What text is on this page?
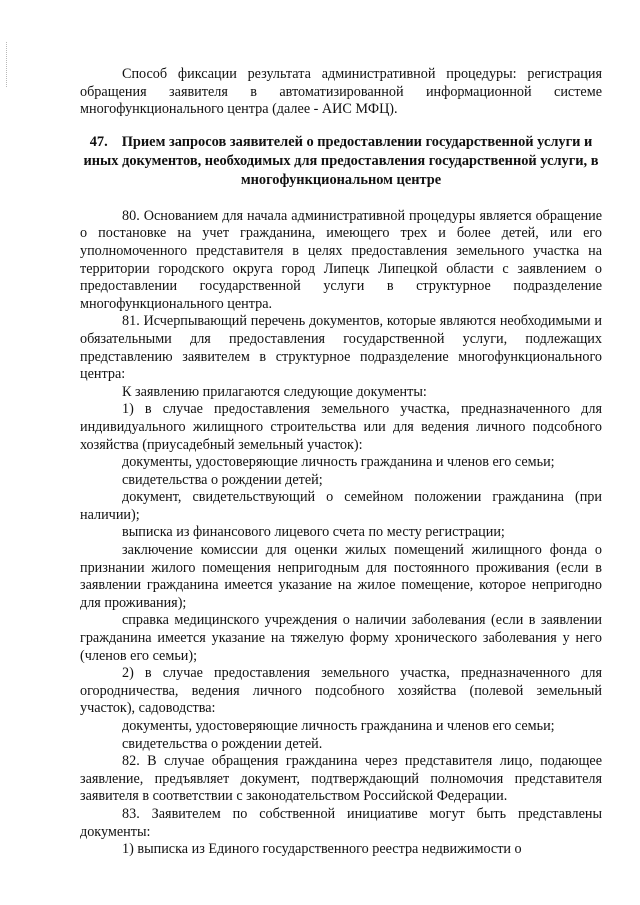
Способ фиксации результата административной процедуры: регистрация обращения заявителя в автоматизированной информационной системе многофункционального центра (далее - АИС МФЦ).

47. Прием запросов заявителей о предоставлении государственной услуги и иных документов, необходимых для предоставления государственной услуги, в многофункциональном центре

80. Основанием для начала административной процедуры является обращение о постановке на учет гражданина, имеющего трех и более детей, или его уполномоченного представителя в целях предоставления земельного участка на территории городского округа город Липецк Липецкой области с заявлением о предоставлении государственной услуги в структурное подразделение многофункционального центра.

81. Исчерпывающий перечень документов, которые являются необходимыми и обязательными для предоставления государственной услуги, подлежащих представлению заявителем в структурное подразделение многофункционального центра:

К заявлению прилагаются следующие документы:

1) в случае предоставления земельного участка, предназначенного для индивидуального жилищного строительства или для ведения личного подсобного хозяйства (приусадебный земельный участок):

документы, удостоверяющие личность гражданина и членов его семьи;

свидетельства о рождении детей;

документ, свидетельствующий о семейном положении гражданина (при наличии);

выписка из финансового лицевого счета по месту регистрации;

заключение комиссии для оценки жилых помещений жилищного фонда о признании жилого помещения непригодным для постоянного проживания (если в заявлении гражданина имеется указание на жилое помещение, которое непригодно для проживания);

справка медицинского учреждения о наличии заболевания (если в заявлении гражданина имеется указание на тяжелую форму хронического заболевания у него (членов его семьи);

2) в случае предоставления земельного участка, предназначенного для огородничества, ведения личного подсобного хозяйства (полевой земельный участок), садоводства:

документы, удостоверяющие личность гражданина и членов его семьи;

свидетельства о рождении детей.

82. В случае обращения гражданина через представителя лицо, подающее заявление, предъявляет документ, подтверждающий полномочия представителя заявителя в соответствии с законодательством Российской Федерации.

83. Заявителем по собственной инициативе могут быть представлены документы:

1) выписка из Единого государственного реестра недвижимости о
